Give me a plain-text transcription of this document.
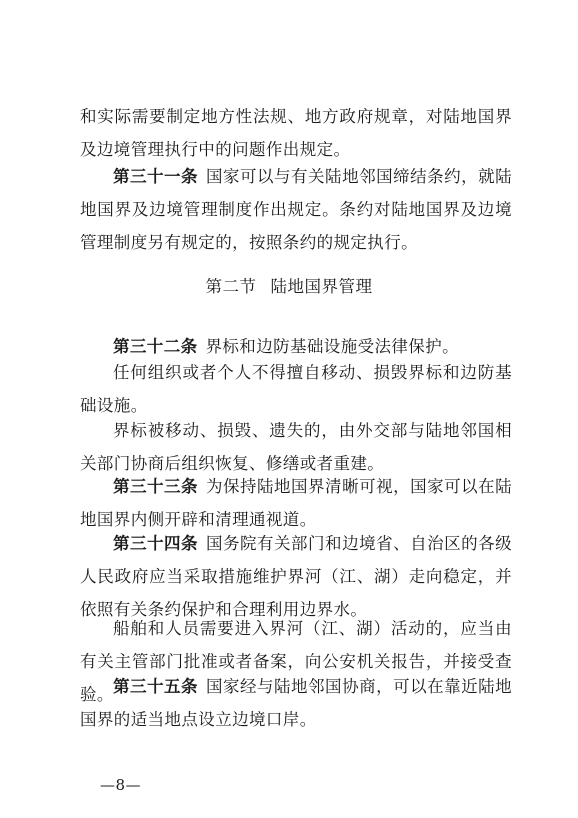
和实际需要制定地方性法规、地方政府规章，对陆地国界及边境管理执行中的问题作出规定。

第三十一条 国家可以与有关陆地邻国缔结条约，就陆地国界及边境管理制度作出规定。条约对陆地国界及边境管理制度另有规定的，按照条约的规定执行。

第二节 陆地国界管理

第三十二条 界标和边防基础设施受法律保护。

任何组织或者个人不得擅自移动、损毁界标和边防基础设施。

界标被移动、损毁、遗失的，由外交部与陆地邻国相关部门协商后组织恢复、修缮或者重建。

第三十三条 为保持陆地国界清晰可视，国家可以在陆地国界内侧开辟和清理通视道。

第三十四条 国务院有关部门和边境省、自治区的各级人民政府应当采取措施维护界河（江、湖）走向稳定，并依照有关条约保护和合理利用边界水。

船舶和人员需要进入界河（江、湖）活动的，应当由有关主管部门批准或者备案，向公安机关报告，并接受查验。 第三十五条 国家经与陆地邻国协商，可以在靠近陆地国界的适当地点设立边境口岸。

—8—
